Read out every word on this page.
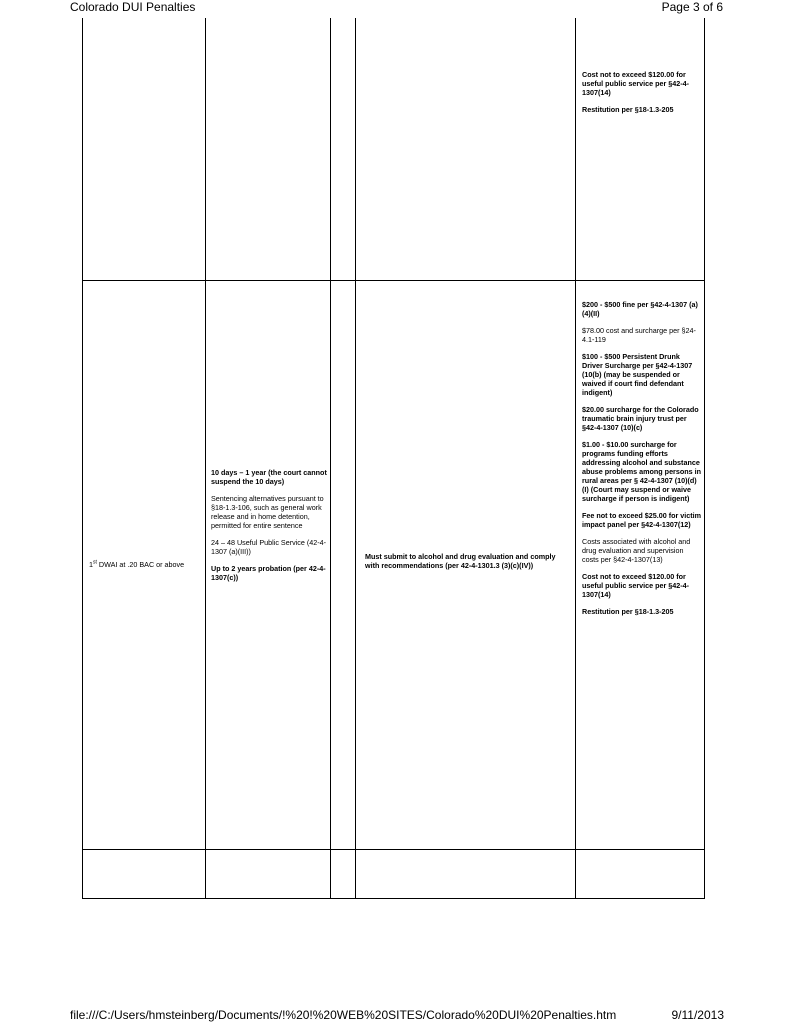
Colorado DUI Penalties	Page 3 of 6

Cost not to exceed $120.00 for useful public service per §42-4-1307(14)

Restitution per §18-1.3-205

1st DWAI at .20 BAC or above

10 days – 1 year (the court cannot suspend the 10 days)

Sentencing alternatives pursuant to §18-1.3-106, such as general work release and in home detention, permitted for entire sentence

24 – 48 Useful Public Service (42-4-1307 (a)(III))

Up to 2 years probation (per 42-4-1307(c))

Must submit to alcohol and drug evaluation and comply with recommendations (per 42-4-1301.3 (3)(c)(IV))

$200 - $500 fine per §42-4-1307 (a)(4)(II)

$78.00 cost and surcharge per §24-4.1-119

$100 - $500 Persistent Drunk Driver Surcharge per §42-4-1307 (10(b) (may be suspended or waived if court find defendant indigent)

$20.00 surcharge for the Colorado traumatic brain injury trust per §42-4-1307 (10)(c)

$1.00 - $10.00 surcharge for programs funding efforts addressing alcohol and substance abuse problems among persons in rural areas per § 42-4-1307 (10)(d)(I) (Court may suspend or waive surcharge if person is indigent)

Fee not to exceed $25.00 for victim impact panel per §42-4-1307(12)

Costs associated with alcohol and drug evaluation and supervision costs per §42-4-1307(13)

Cost not to exceed $120.00 for useful public service per §42-4-1307(14)

Restitution per §18-1.3-205

file:///C:/Users/hmsteinberg/Documents/!%20!%20WEB%20SITES/Colorado%20DUI%20Penalties.htm	9/11/2013
